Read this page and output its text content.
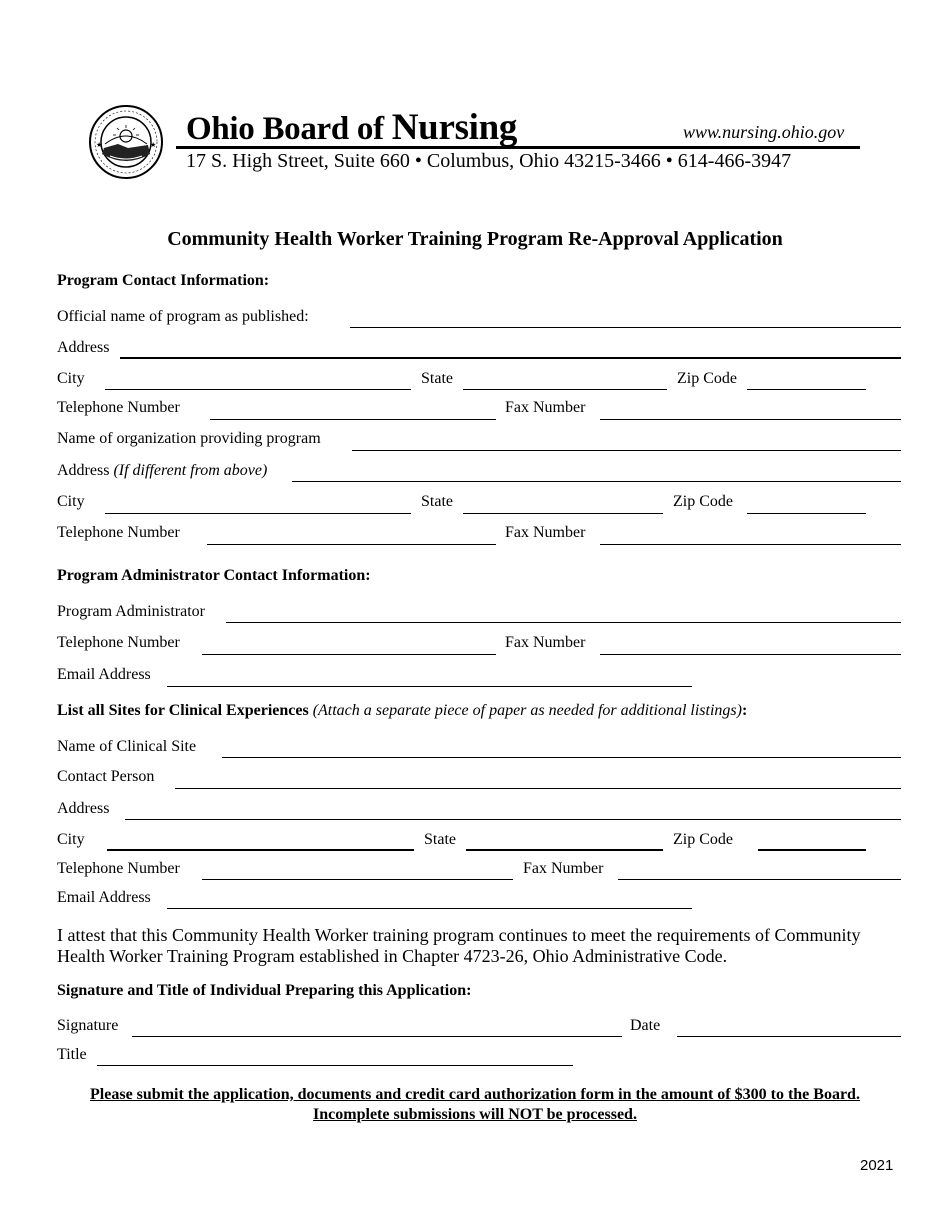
★	★ Ohio Board of Nursing	www.nursing.ohio.gov
17 S. High Street, Suite 660 • Columbus, Ohio 43215-3466 • 614-466-3947
Community Health Worker Training Program Re-Approval Application
Program Contact Information:
Official name of program as published:
Address
City	State	Zip Code
Telephone Number	Fax Number
Name of organization providing program
Address (If different from above)
City	State	Zip Code
Telephone Number	Fax Number
Program Administrator Contact Information:
Program Administrator
Telephone Number	Fax Number
Email Address
List all Sites for Clinical Experiences (Attach a separate piece of paper as needed for additional listings):
Name of Clinical Site
Contact Person
Address
City	State	Zip Code
Telephone Number	Fax Number
Email Address
I attest that this Community Health Worker training program continues to meet the requirements of Community Health Worker Training Program established in Chapter 4723-26, Ohio Administrative Code.
Signature and Title of Individual Preparing this Application:
Signature	Date
Title
Please submit the application, documents and credit card authorization form in the amount of $300 to the Board.
Incomplete submissions will NOT be processed.
2021
